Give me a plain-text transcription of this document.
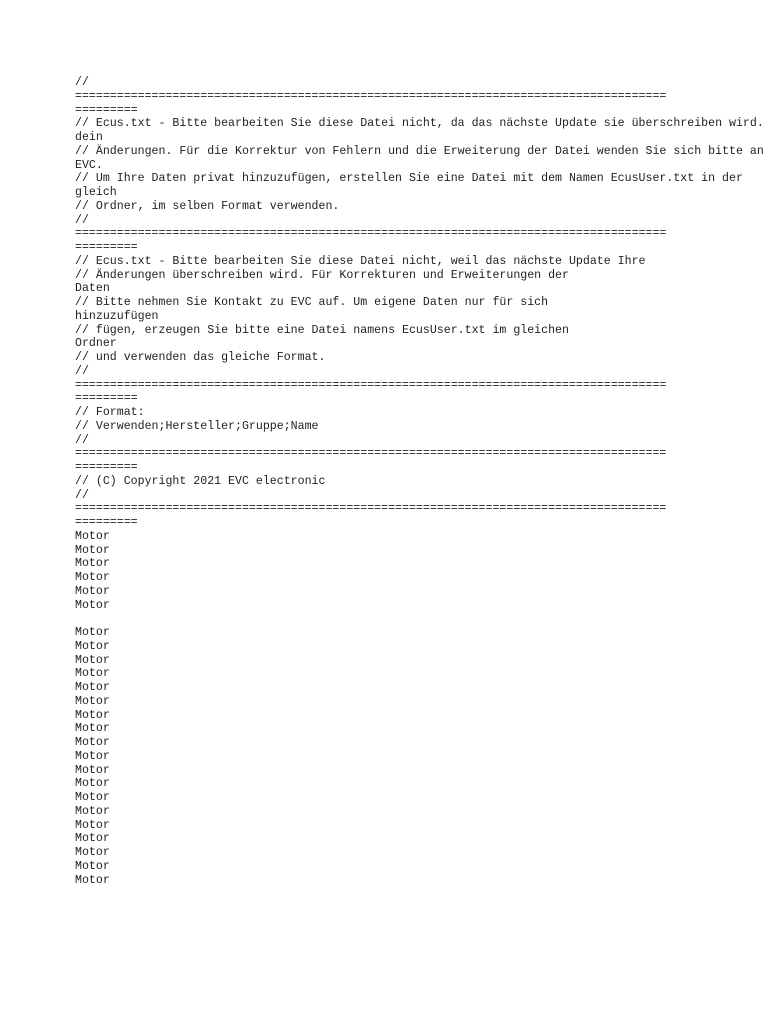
//
=====================================================================================
=========
// Ecus.txt - Bitte bearbeiten Sie diese Datei nicht, da das nächste Update sie überschreiben wird.
dein
// Änderungen. Für die Korrektur von Fehlern und die Erweiterung der Datei wenden Sie sich bitte an
EVC.
// Um Ihre Daten privat hinzuzufügen, erstellen Sie eine Datei mit dem Namen EcusUser.txt in der
gleich
// Ordner, im selben Format verwenden.
//
=====================================================================================
=========
// Ecus.txt - Bitte bearbeiten Sie diese Datei nicht, weil das nächste Update Ihre
// Änderungen überschreiben wird. Für Korrekturen und Erweiterungen der
Daten
// Bitte nehmen Sie Kontakt zu EVC auf. Um eigene Daten nur für sich
hinzuzufügen
// fügen, erzeugen Sie bitte eine Datei namens EcusUser.txt im gleichen
Ordner
// und verwenden das gleiche Format.
//
=====================================================================================
=========
// Format:
// Verwenden;Hersteller;Gruppe;Name
//
=====================================================================================
=========
// (C) Copyright 2021 EVC electronic
//
=====================================================================================
=========
Motor
Motor
Motor
Motor
Motor
Motor
Motor
Motor
Motor
Motor
Motor
Motor
Motor
Motor
Motor
Motor
Motor
Motor
Motor
Motor
Motor
Motor
Motor
Motor
Motor
